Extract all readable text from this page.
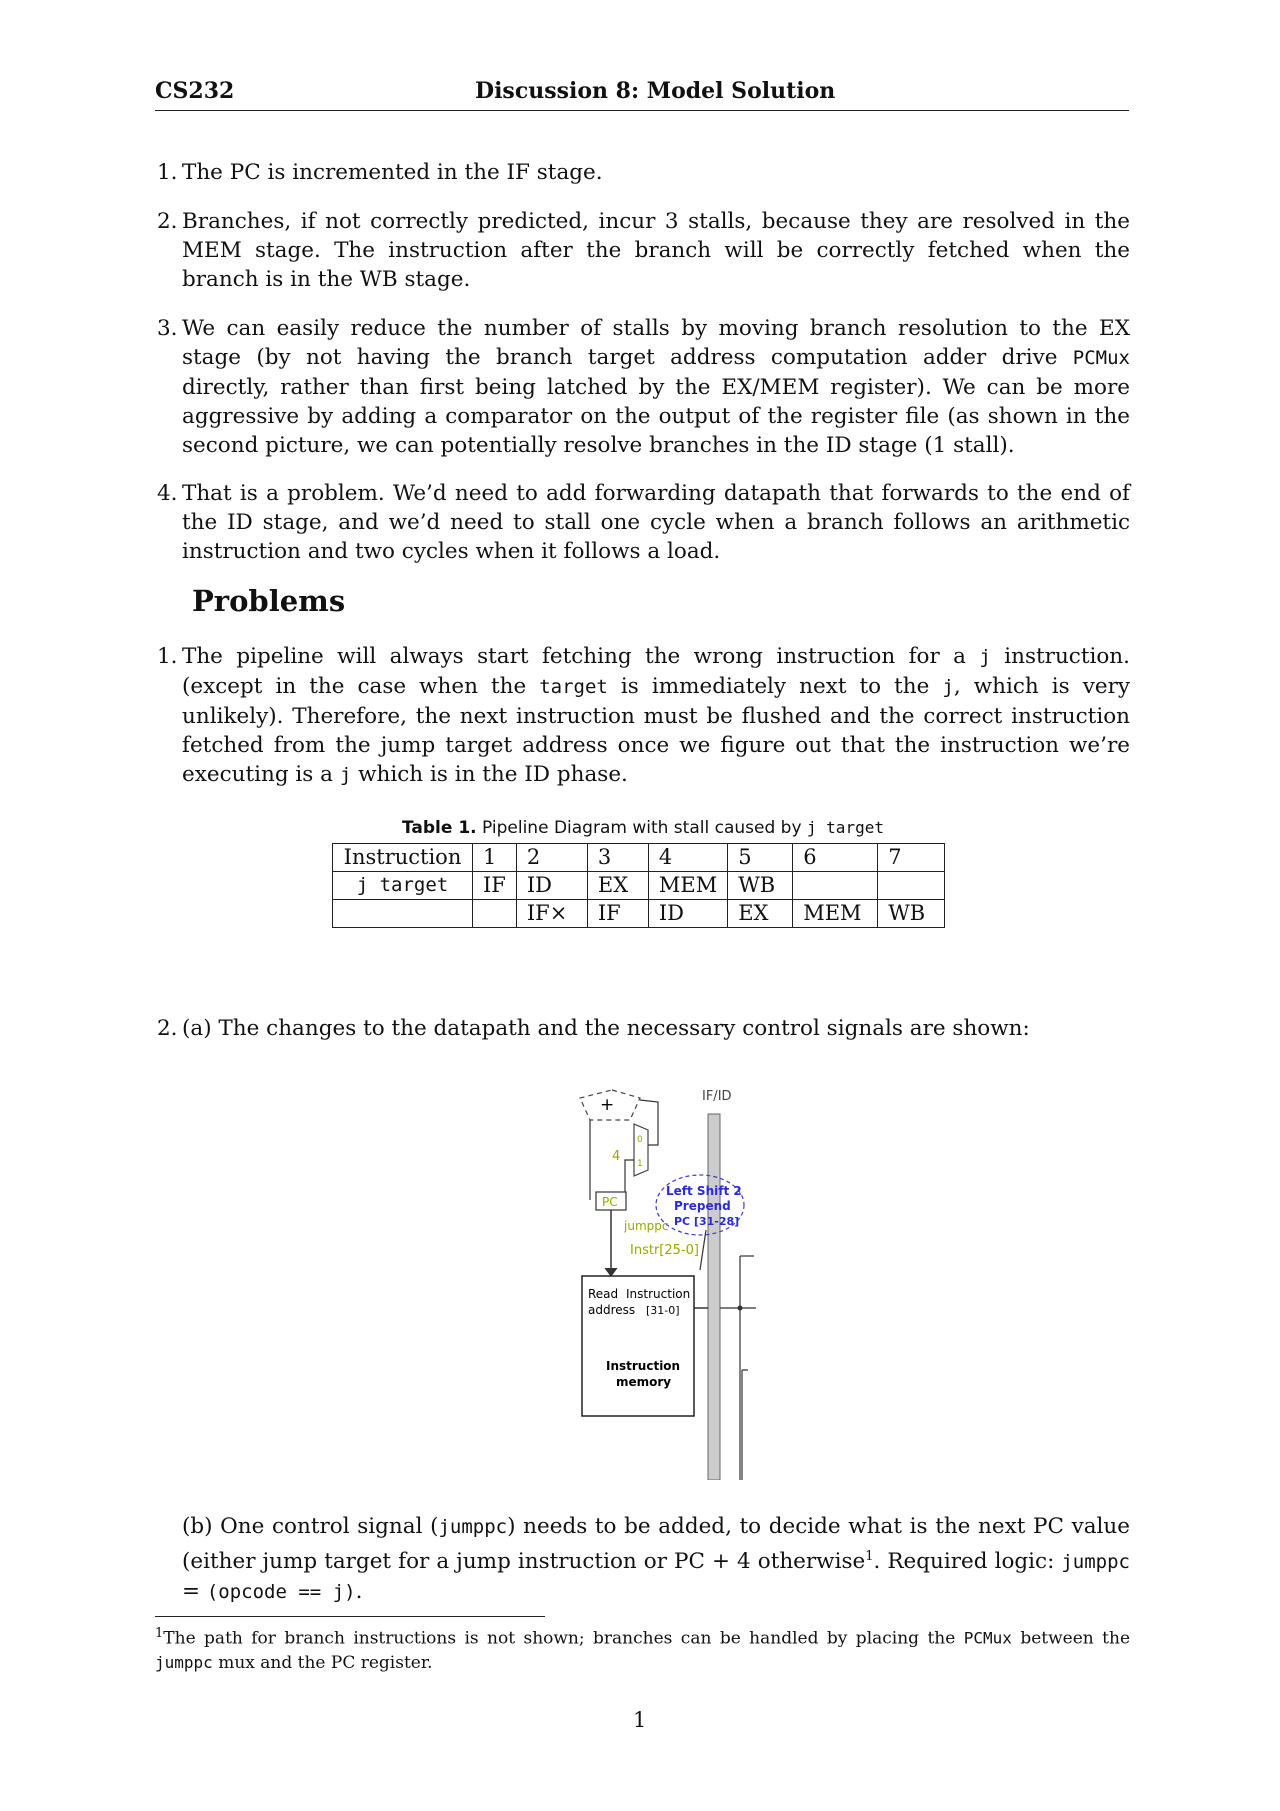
CS232	Discussion 8: Model Solution
1. The PC is incremented in the IF stage.

2. Branches, if not correctly predicted, incur 3 stalls, because they are resolved in the MEM stage. The instruction after the branch will be correctly fetched when the branch is in the WB stage.

3. We can easily reduce the number of stalls by moving branch resolution to the EX stage (by not having the branch target address computation adder drive PCMux directly, rather than first being latched by the EX/MEM register). We can be more aggressive by adding a comparator on the output of the register file (as shown in the second picture, we can potentially resolve branches in the ID stage (1 stall).

4. That is a problem. We’d need to add forwarding datapath that forwards to the end of the ID stage, and we’d need to stall one cycle when a branch follows an arithmetic instruction and two cycles when it follows a load.

Problems
1. The pipeline will always start fetching the wrong instruction for a j instruction. (except in the case when the target is immediately next to the j, which is very unlikely). Therefore, the next instruction must be flushed and the correct instruction fetched from the jump target address once we figure out that the instruction we’re executing is a j which is in the ID phase.

Table 1. Pipeline Diagram with stall caused by j target
Instruction	1	2	3	4	5	6	7
j target	IF	ID	EX	MEM	WB		
		IF×	IF	ID	EX	MEM	WB
2. (a) The changes to the datapath and the necessary control signals are shown:

+
4
0
1
IF/ID
PC
Left Shift 2
Prepend
PC [31-28]
jumppc
Instr[25-0]
Read
address
Instruction
[31-0]
Instruction
memory

(b) One control signal (jumppc) needs to be added, to decide what is the next PC value (either jump target for a jump instruction or PC + 4 otherwise$^1$. Required logic: jumppc = (opcode == j).

$^1$The path for branch instructions is not shown; branches can be handled by placing the PCMux between the jumppc mux and the PC register.
1
